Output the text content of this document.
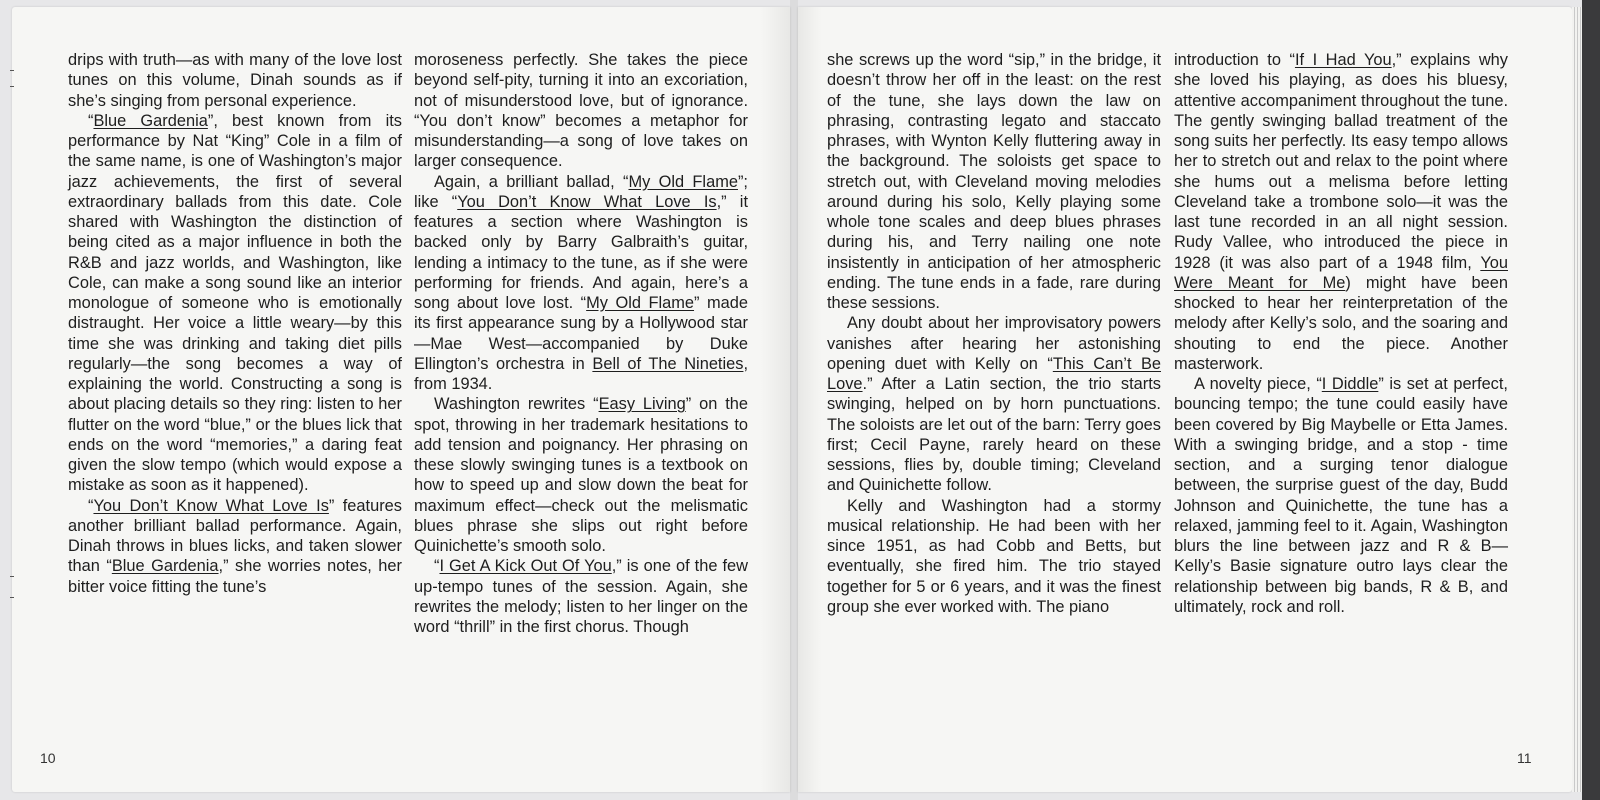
drips with truth—as with many of the love lost tunes on this volume, Dinah sounds as if she’s singing from personal experience.

“Blue Gardenia”, best known from its performance by Nat “King” Cole in a film of the same name, is one of Washington’s major jazz achievements, the first of several extraordinary ballads from this date. Cole shared with Washington the distinction of being cited as a major influence in both the R&B and jazz worlds, and Washington, like Cole, can make a song sound like an interior monologue of someone who is emotionally distraught. Her voice a little weary—by this time she was drinking and taking diet pills regularly—the song becomes a way of explaining the world. Constructing a song is about placing details so they ring: listen to her flutter on the word “blue,” or the blues lick that ends on the word “memories,” a daring feat given the slow tempo (which would expose a mistake as soon as it happened).

“You Don’t Know What Love Is” features another brilliant ballad performance. Again, Dinah throws in blues licks, and taken slower than “Blue Gardenia,” she worries notes, her bitter voice fitting the tune’s

moroseness perfectly. She takes the piece beyond self-pity, turning it into an excoriation, not of misunderstood love, but of ignorance. “You don’t know” becomes a metaphor for misunderstanding—a song of love takes on larger consequence.

Again, a brilliant ballad, “My Old Flame”; like “You Don’t Know What Love Is,” it features a section where Washington is backed only by Barry Galbraith’s guitar, lending a intimacy to the tune, as if she were performing for friends. And again, here’s a song about love lost. “My Old Flame” made its first appearance sung by a Hollywood star—Mae West—accompanied by Duke Ellington’s orchestra in Bell of The Nineties, from 1934.

Washington rewrites “Easy Living” on the spot, throwing in her trademark hesitations to add tension and poignancy. Her phrasing on these slowly swinging tunes is a textbook on how to speed up and slow down the beat for maximum effect—check out the melismatic blues phrase she slips out right before Quinichette’s smooth solo.

“I Get A Kick Out Of You,” is one of the few up-tempo tunes of the session. Again, she rewrites the melody; listen to her linger on the word “thrill” in the first chorus. Though

she screws up the word “sip,” in the bridge, it doesn’t throw her off in the least: on the rest of the tune, she lays down the law on phrasing, contrasting legato and staccato phrases, with Wynton Kelly fluttering away in the background. The soloists get space to stretch out, with Cleveland moving melodies around during his solo, Kelly playing some whole tone scales and deep blues phrases during his, and Terry nailing one note insistently in anticipation of her atmospheric ending. The tune ends in a fade, rare during these sessions.

Any doubt about her improvisatory powers vanishes after hearing her astonishing opening duet with Kelly on “This Can’t Be Love.” After a Latin section, the trio starts swinging, helped on by horn punctuations. The soloists are let out of the barn: Terry goes first; Cecil Payne, rarely heard on these sessions, flies by, double timing; Cleveland and Quinichette follow.

Kelly and Washington had a stormy musical relationship. He had been with her since 1951, as had Cobb and Betts, but eventually, she fired him. The trio stayed together for 5 or 6 years, and it was the finest group she ever worked with. The piano

introduction to “If I Had You,” explains why she loved his playing, as does his bluesy, attentive accompaniment throughout the tune. The gently swinging ballad treatment of the song suits her perfectly. Its easy tempo allows her to stretch out and relax to the point where she hums out a melisma before letting Cleveland take a trombone solo—it was the last tune recorded in an all night session. Rudy Vallee, who introduced the piece in 1928 (it was also part of a 1948 film, You Were Meant for Me) might have been shocked to hear her reinterpretation of the melody after Kelly’s solo, and the soaring and shouting to end the piece. Another masterwork.

A novelty piece, “I Diddle” is set at perfect, bouncing tempo; the tune could easily have been covered by Big Maybelle or Etta James. With a swinging bridge, and a stop - time section, and a surging tenor dialogue between, the surprise guest of the day, Budd Johnson and Quinichette, the tune has a relaxed, jamming feel to it. Again, Washington blurs the line between jazz and R & B—Kelly’s Basie signature outro lays clear the relationship between big bands, R & B, and ultimately, rock and roll.

10	11
